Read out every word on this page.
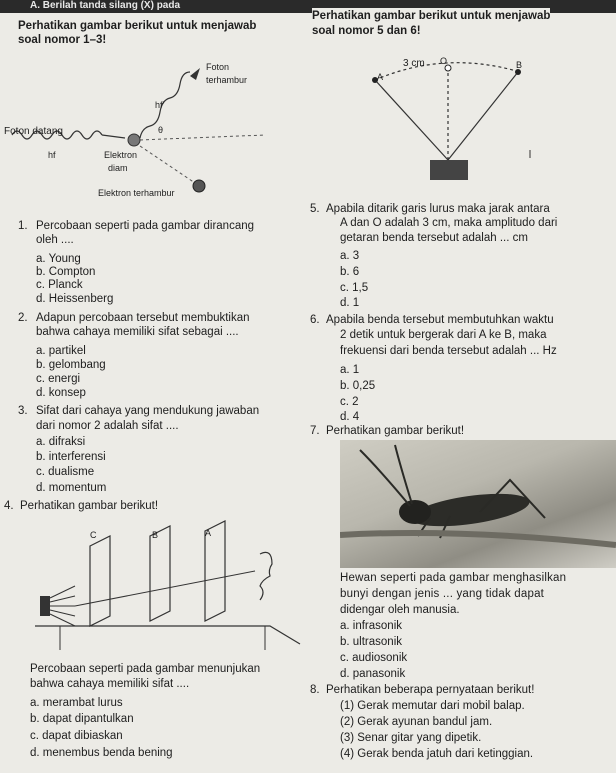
A. Berilah tanda silang (X) pada
Perhatikan gambar berikut untuk menjawab
soal nomor 1–3!
Foton
terhambur
hf'
θ
Foton datang
hf	Elektron
diam
Elektron terhambur
1. Percobaan seperti pada gambar dirancang
oleh ....
a. Young
b. Compton
c. Planck
d. Heissenberg
2. Adapun percobaan tersebut membuktikan
bahwa cahaya memiliki sifat sebagai ....
a. partikel
b. gelombang
c. energi
d. konsep
3. Sifat dari cahaya yang mendukung jawaban
dari nomor 2 adalah sifat ....
a. difraksi
b. interferensi
c. dualisme
d. momentum
4. Perhatikan gambar berikut!
C	B	A
Percobaan seperti pada gambar menunjukan
bahwa cahaya memiliki sifat ....
a. merambat lurus
b. dapat dipantulkan
c. dapat dibiaskan
d. menembus benda bening
Perhatikan gambar berikut untuk menjawab
soal nomor 5 dan 6!
3 cm O	B
A
5. Apabila ditarik garis lurus maka jarak antara
A dan O adalah 3 cm, maka amplitudo dari
getaran benda tersebut adalah ... cm
a. 3
b. 6
c. 1,5
d. 1
6. Apabila benda tersebut membutuhkan waktu
2 detik untuk bergerak dari A ke B, maka
frekuensi dari benda tersebut adalah ... Hz
a. 1
b. 0,25
c. 2
d. 4
7. Perhatikan gambar berikut!
Hewan seperti pada gambar menghasilkan
bunyi dengan jenis ... yang tidak dapat
didengar oleh manusia.
a. infrasonik
b. ultrasonik
c. audiosonik
d. panasonik
8. Perhatikan beberapa pernyataan berikut!
(1) Gerak memutar dari mobil balap.
(2) Gerak ayunan bandul jam.
(3) Senar gitar yang dipetik.
(4) Gerak benda jatuh dari ketinggian.
